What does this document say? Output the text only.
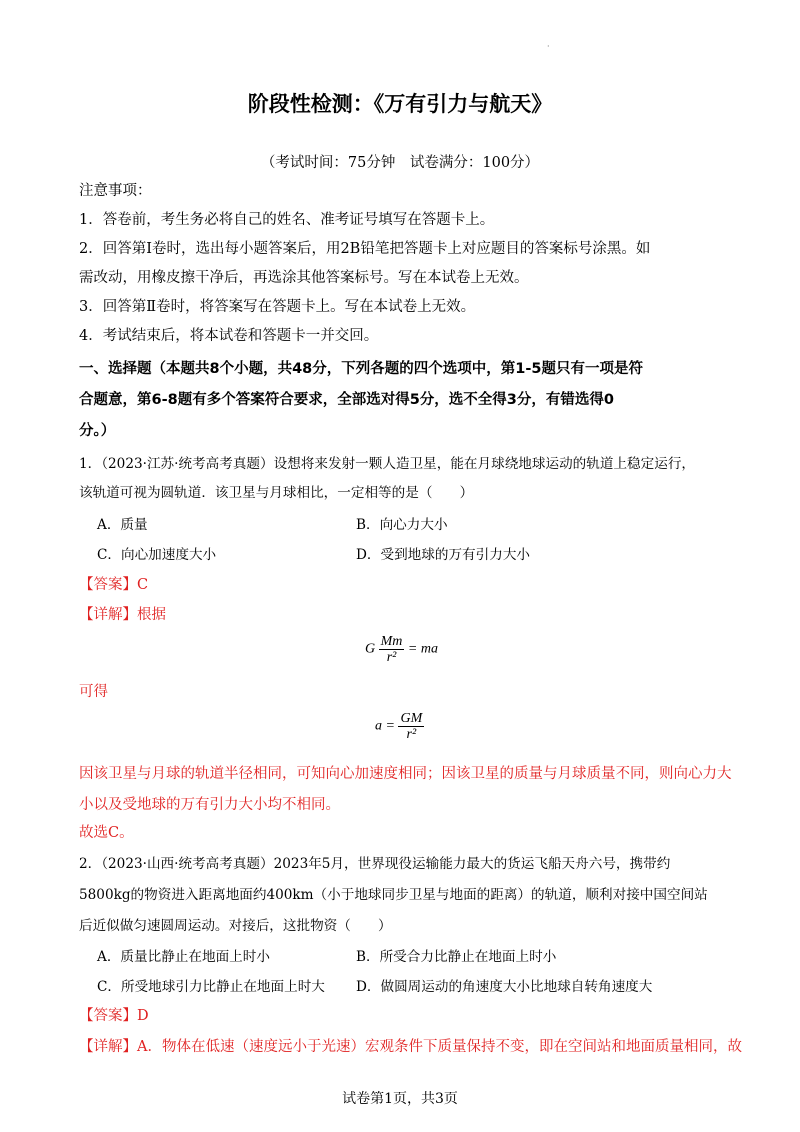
·
阶段性检测：《万有引力与航天》
（考试时间：75分钟　试卷满分：100分）
注意事项：
1．答卷前，考生务必将自己的姓名、准考证号填写在答题卡上。
2．回答第Ⅰ卷时，选出每小题答案后，用2B铅笔把答题卡上对应题目的答案标号涂黑。如
需改动，用橡皮擦干净后，再选涂其他答案标号。写在本试卷上无效。
3．回答第Ⅱ卷时，将答案写在答题卡上。写在本试卷上无效。
4．考试结束后，将本试卷和答题卡一并交回。
一、选择题（本题共8个小题，共48分，下列各题的四个选项中，第1-5题只有一项是符
合题意，第6-8题有多个答案符合要求，全部选对得5分，选不全得3分，有错选得0
分。）
1．（2023·江苏·统考高考真题）设想将来发射一颗人造卫星，能在月球绕地球运动的轨道上稳定运行，
该轨道可视为圆轨道．该卫星与月球相比，一定相等的是（　　）
A．质量	B．向心力大小
C．向心加速度大小	D．受到地球的万有引力大小
【答案】C
【详解】根据
G $\frac{Mm}{\text{r²}}$ = ma
可得
$a = \frac{GM}{\text{r²}}$
因该卫星与月球的轨道半径相同，可知向心加速度相同；因该卫星的质量与月球质量不同，则向心力大
小以及受地球的万有引力大小均不相同。
故选C。
2．（2023·山西·统考高考真题）2023年5月，世界现役运输能力最大的货运飞船天舟六号，携带约
5800kg的物资进入距离地面约400km（小于地球同步卫星与地面的距离）的轨道，顺利对接中国空间站
后近似做匀速圆周运动。对接后，这批物资（　　）
A．质量比静止在地面上时小	B．所受合力比静止在地面上时小
C．所受地球引力比静止在地面上时大 D．做圆周运动的角速度大小比地球自转角速度大
【答案】D
【详解】A．物体在低速（速度远小于光速）宏观条件下质量保持不变，即在空间站和地面质量相同，故
试卷第1页，共3页
